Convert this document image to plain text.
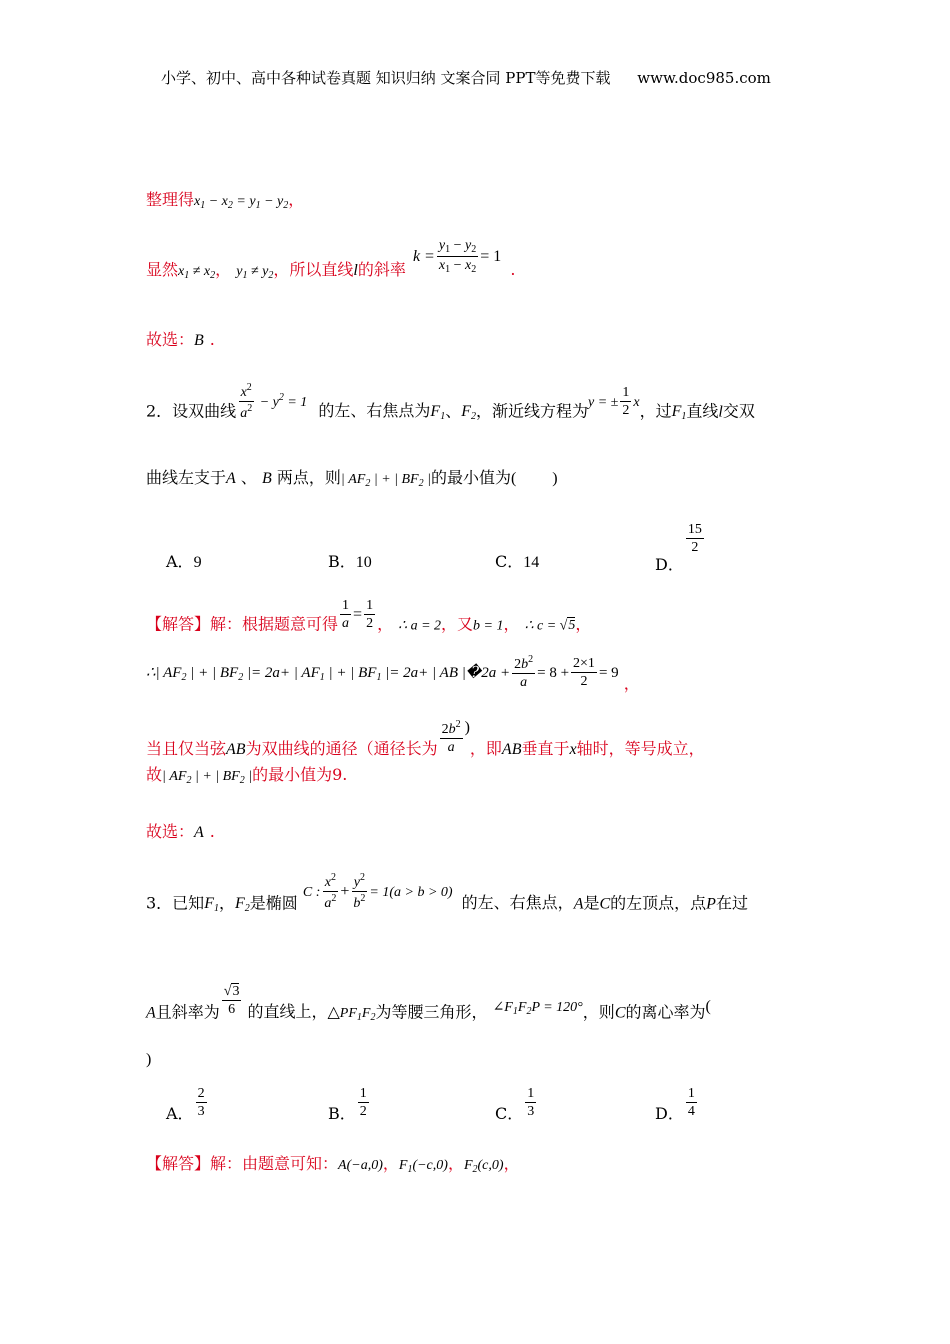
小学、初中、高中各种试卷真题 知识归纳 文案合同 PPT等免费下载 www.doc985.com
整理得$x_1 - x_2 = y_1 - y_2$，
显然$x_1 \ne x_2$， $y_1 \ne y_2$，所以直线l的斜率 $k = \frac{y_1 - y_2}{x_1 - x_2} = 1$ .
故选：B .
2．设双曲线 $\frac{x^2}{a^2} - y^2 = 1$ 的左、右焦点为$F_1$、$F_2$，渐近线方程为y = ± $\frac{1}{2}$ x，过$F_1$直线l交双
曲线左支于A 、 B 两点，则| $AF_2$ | + | $BF_2$ |的最小值为( )
A．9	B．10	C．14	D．
$\frac{15}{2}$
【解答】解：根据题意可得 $\frac{1}{a} = \frac{1}{2}$ ， ∴ a = 2，又b = 1， ∴ c = √5，
∴| $AF_2$ | + | $BF_2$ |= 2a+ | $AF_1$ | + | $BF_1$ |= 2a+ | AB |�2a + $\frac{2b^2}{a} = 8 + \frac{2\times 1}{2} = 9$ ，
当且仅当弦AB为双曲线的通径（通径长为 $\frac{2b^2}{a}$ )，即AB垂直于x轴时，等号成立，
故| $AF_2$ | + | $BF_2$ |的最小值为9.
故选：A .
3．已知$F_1$，$F_2$是椭圆 C : $\frac{x^2}{a^2} + \frac{y^2}{b^2} = 1(a > b > 0)$ 的左、右焦点，A是C的左顶点，点P在过
A且斜率为 $\frac{√3}{6}$ 的直线上，$\triangle PF_1F_2$为等腰三角形， $\angle F_1F_2P = 120^\circ$，则C的离心率为(
)
A． $\frac{2}{3}$	B． $\frac{1}{2}$	C． $\frac{1}{3}$	D． $\frac{1}{4}$
【解答】解：由题意可知：A(−a,0)，$F_1(-c,0)$，$F_2(c,0)$，
